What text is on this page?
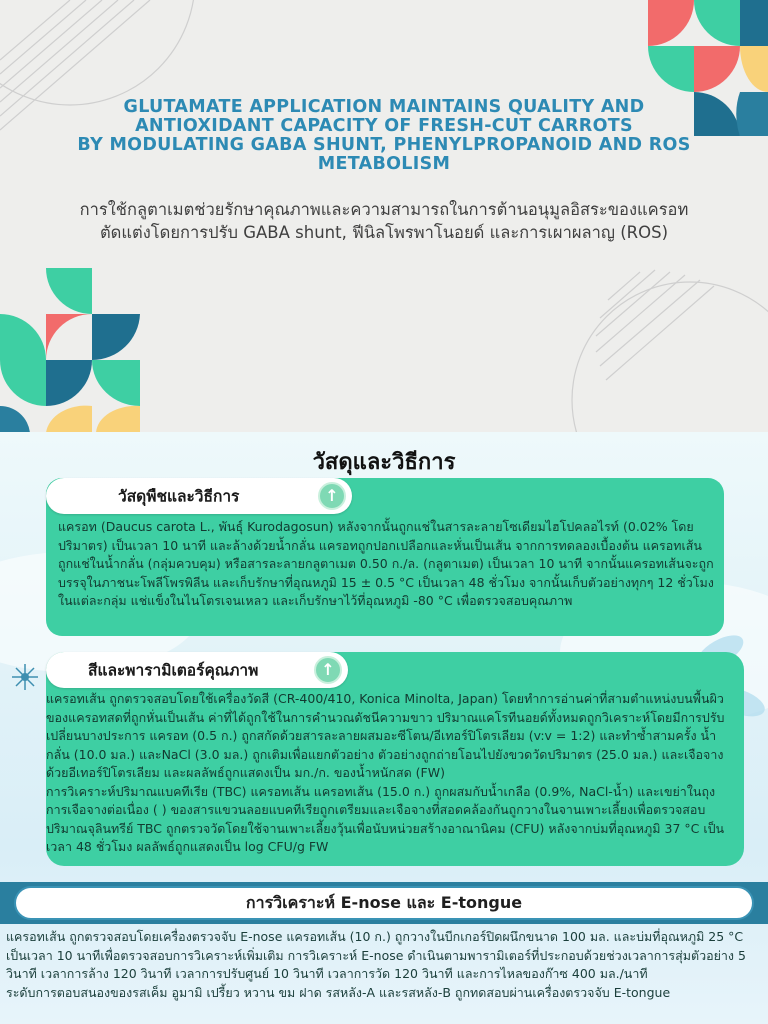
GLUTAMATE APPLICATION MAINTAINS QUALITY AND
ANTIOXIDANT CAPACITY OF FRESH-CUT CARROTS
BY MODULATING GABA SHUNT, PHENYLPROPANOID AND ROS
METABOLISM
การใช้กลูตาเมตช่วยรักษาคุณภาพและความสามารถในการต้านอนุมูลอิสระของแครอท
ตัดแต่งโดยการปรับ GABA shunt, ฟีนิลโพรพาโนอยด์ และการเผาผลาญ (ROS)
วัสดุและวิธีการ

แครอท (Daucus carota L., พันธุ์ Kurodagosun) หลังจากนั้นถูกแช่ในสารละลายโซเดียมไฮโปคลอไรท์ (0.02% โดยปริมาตร) เป็นเวลา 10 นาที และล้างด้วยน้ำกลั่น แครอทถูกปอกเปลือกและหั่นเป็นเส้น จากการทดลองเบื้องต้น แครอทเส้นถูกแช่ในน้ำกลั่น (กลุ่มควบคุม) หรือสารละลายกลูตาเมต 0.50 ก./ล. (กลูตาเมต) เป็นเวลา 10 นาที จากนั้นแครอทเส้นจะถูกบรรจุในภาชนะโพลีโพรพิลีน และเก็บรักษาที่อุณหภูมิ 15 ± 0.5 °C เป็นเวลา 48 ชั่วโมง จากนั้นเก็บตัวอย่างทุกๆ 12 ชั่วโมงในแต่ละกลุ่ม แช่แข็งในไนโตรเจนเหลว และเก็บรักษาไว้ที่อุณหภูมิ -80 °C เพื่อตรวจสอบคุณภาพ

วัสดุพืชและวิธีการ	↑

แครอทเส้น ถูกตรวจสอบโดยใช้เครื่องวัดสี (CR-400/410, Konica Minolta, Japan) โดยทำการอ่านค่าที่สามตำแหน่งบนพื้นผิวของแครอทสดที่ถูกหั่นเป็นเส้น ค่าที่ได้ถูกใช้ในการคำนวณดัชนีความขาว ปริมาณแคโรทีนอยด์ทั้งหมดถูกวิเคราะห์โดยมีการปรับเปลี่ยนบางประการ แครอท (0.5 ก.) ถูกสกัดด้วยสารละลายผสมอะซีโตน/อีเทอร์ปิโตรเลียม (v:v = 1:2) และทำซ้ำสามครั้ง น้ำกลั่น (10.0 มล.) และNaCl (3.0 มล.) ถูกเติมเพื่อแยกตัวอย่าง ตัวอย่างถูกถ่ายโอนไปยังขวดวัดปริมาตร (25.0 มล.) และเจือจางด้วยอีเทอร์ปิโตรเลียม และผลลัพธ์ถูกแสดงเป็น มก./ก. ของน้ำหนักสด (FW)

การวิเคราะห์ปริมาณแบคทีเรีย (TBC) แครอทเส้น แครอทเส้น (15.0 ก.) ถูกผสมกับน้ำเกลือ (0.9%, NaCl-น้ำ) และเขย่าในถุง การเจือจางต่อเนื่อง ( ) ของสารแขวนลอยแบคทีเรียถูกเตรียมและเจือจางที่สอดคล้องกันถูกวางในจานเพาะเลี้ยงเพื่อตรวจสอบปริมาณจุลินทรีย์ TBC ถูกตรวจวัดโดยใช้จานเพาะเลี้ยงวุ้นเพื่อนับหน่วยสร้างอาณานิคม (CFU) หลังจากบ่มที่อุณหภูมิ 37 °C เป็นเวลา 48 ชั่วโมง ผลลัพธ์ถูกแสดงเป็น log CFU/g FW

สีและพารามิเตอร์คุณภาพ	↑
การวิเคราะห์ E-nose และ E-tongue

แครอทเส้น ถูกตรวจสอบโดยเครื่องตรวจจับ E-nose แครอทเส้น (10 ก.) ถูกวางในบีกเกอร์ปิดผนึกขนาด 100 มล. และบ่มที่อุณหภูมิ 25 °C เป็นเวลา 10 นาทีเพื่อตรวจสอบการวิเคราะห์เพิ่มเติม การวิเคราะห์ E-nose ดำเนินตามพารามิเตอร์ที่ประกอบด้วยช่วงเวลาการสุ่มตัวอย่าง 5 วินาที เวลาการล้าง 120 วินาที เวลาการปรับศูนย์ 10 วินาที เวลาการวัด 120 วินาที และการไหลของก๊าซ 400 มล./นาที

ระดับการตอบสนองของรสเค็ม อูมามิ เปรี้ยว หวาน ขม ฝาด รสหลัง-A และรสหลัง-B ถูกทดสอบผ่านเครื่องตรวจจับ E-tongue
